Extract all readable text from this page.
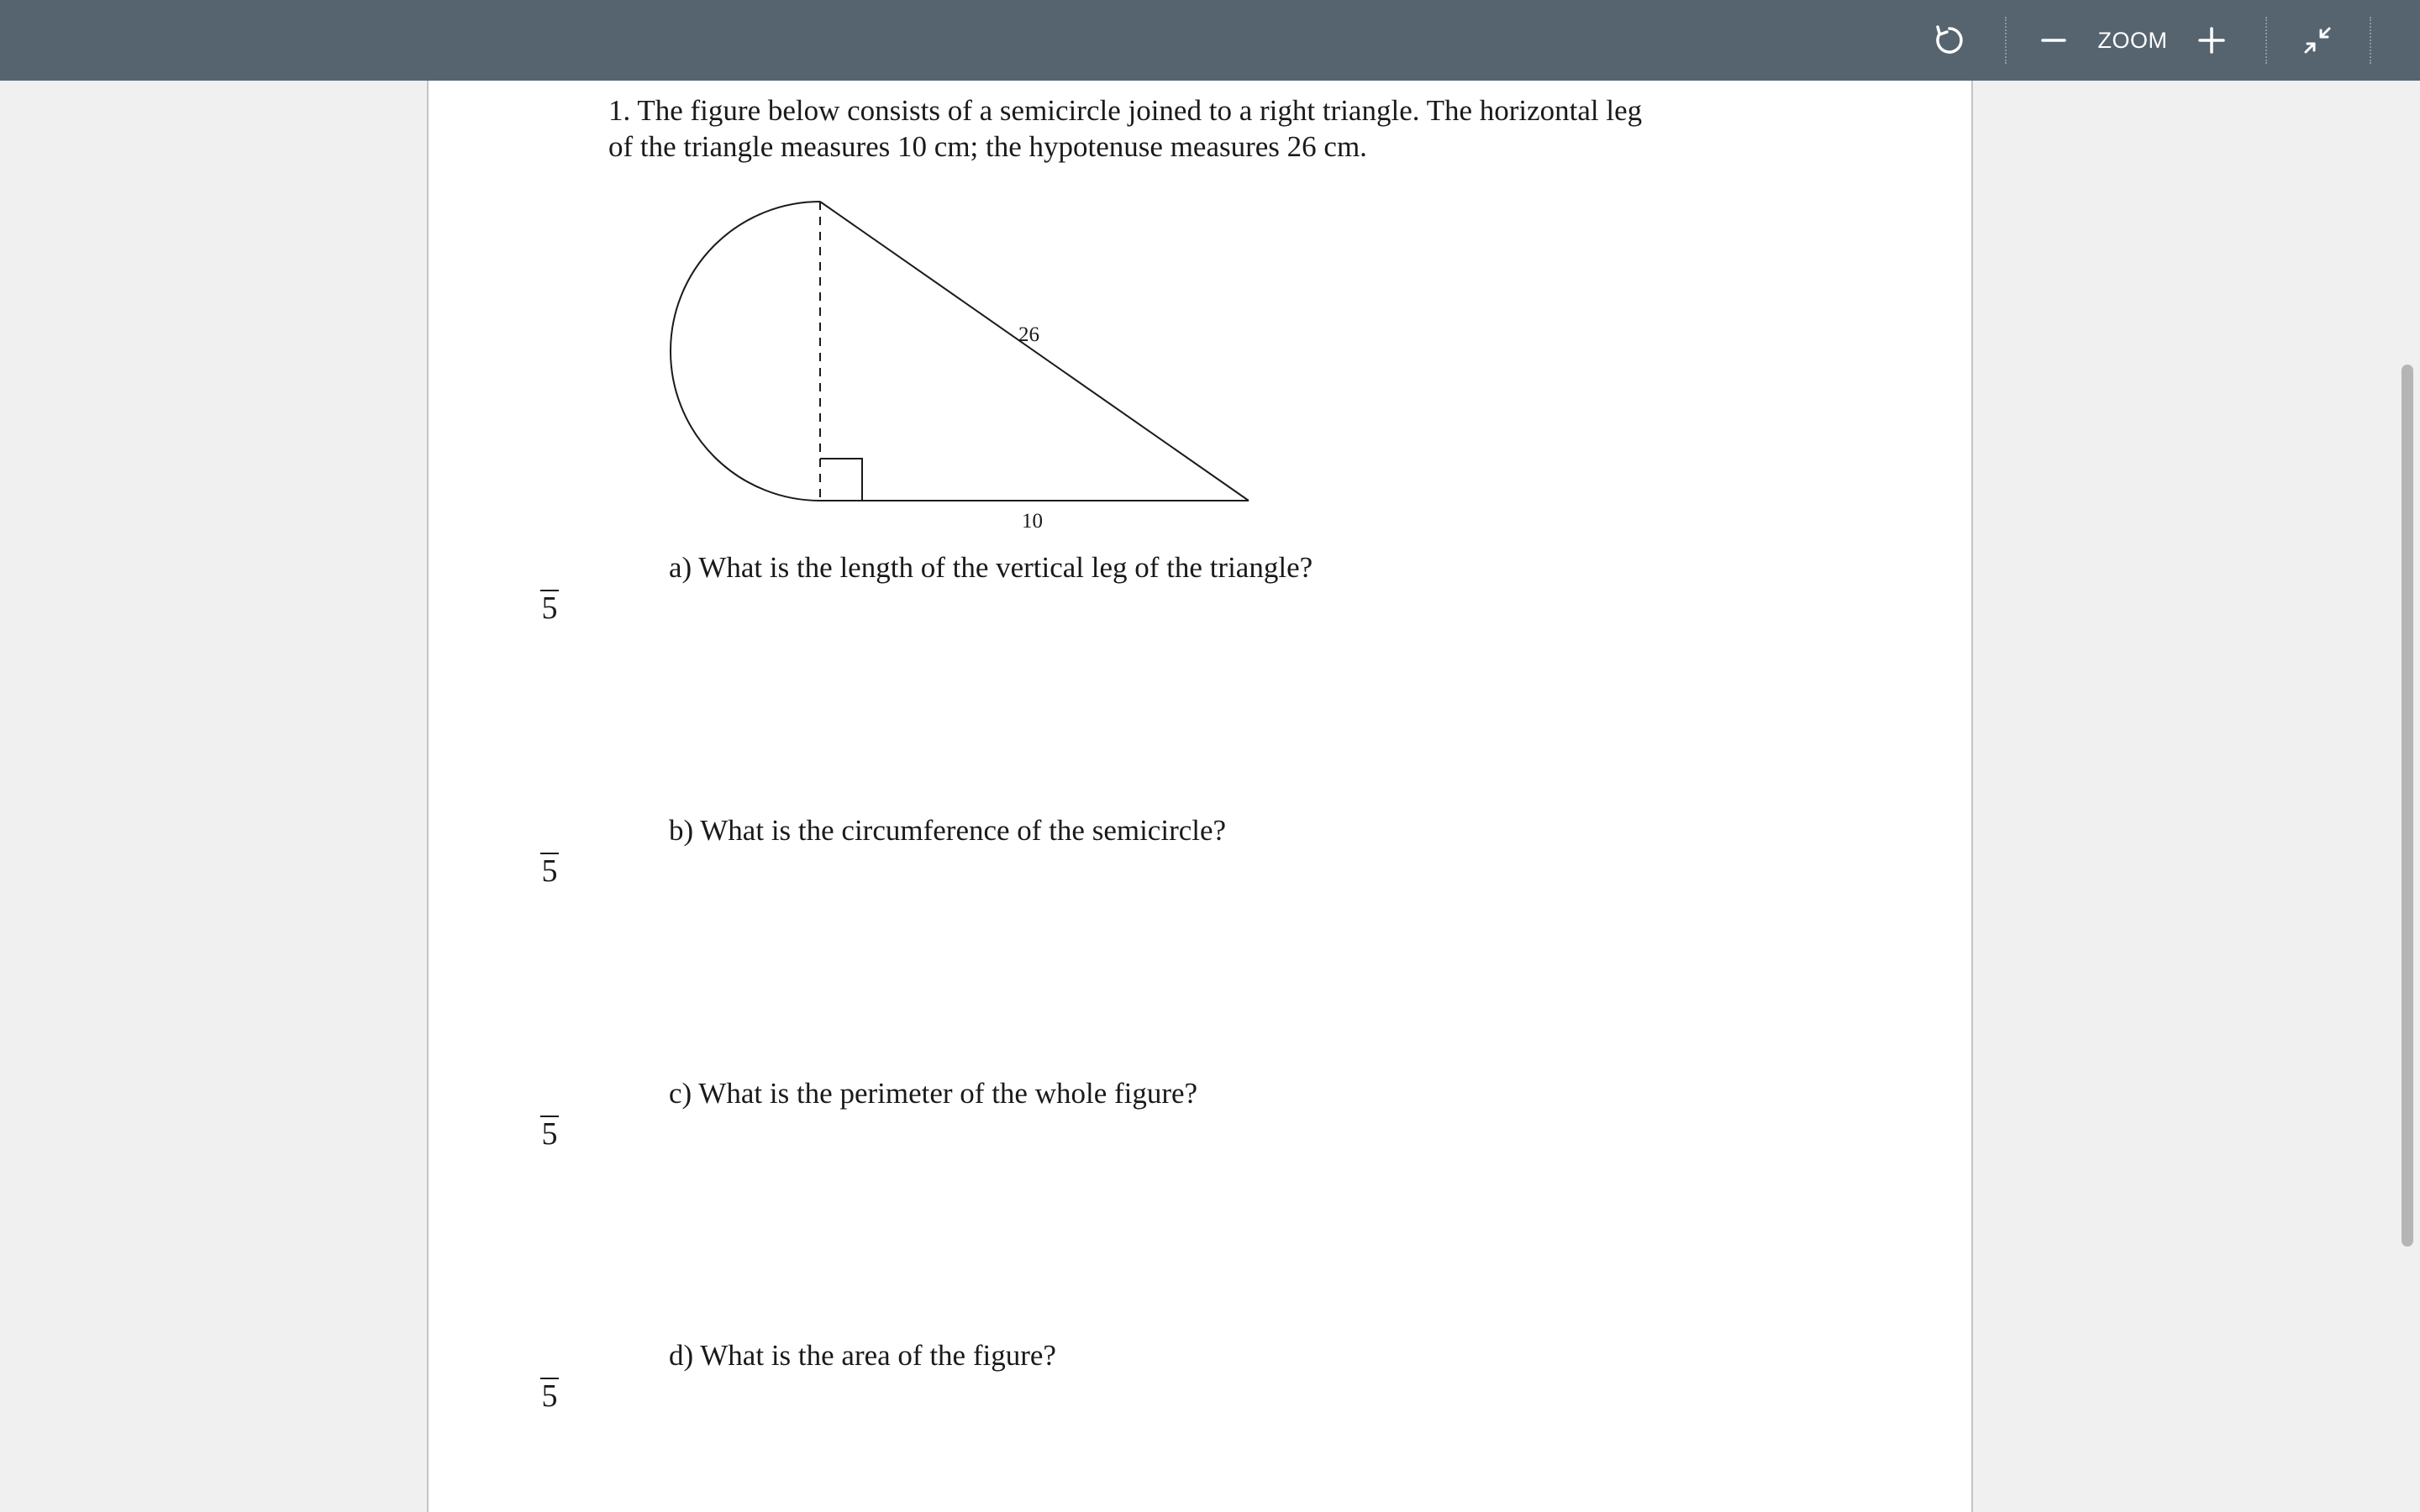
ZOOM
1. The figure below consists of a semicircle joined to a right triangle. The horizontal leg
of the triangle measures 10 cm; the hypotenuse measures 26 cm.
26
10
a) What is the length of the vertical leg of the triangle?
5
b) What is the circumference of the semicircle?
5
c) What is the perimeter of the whole figure?
5
d) What is the area of the figure?
5
